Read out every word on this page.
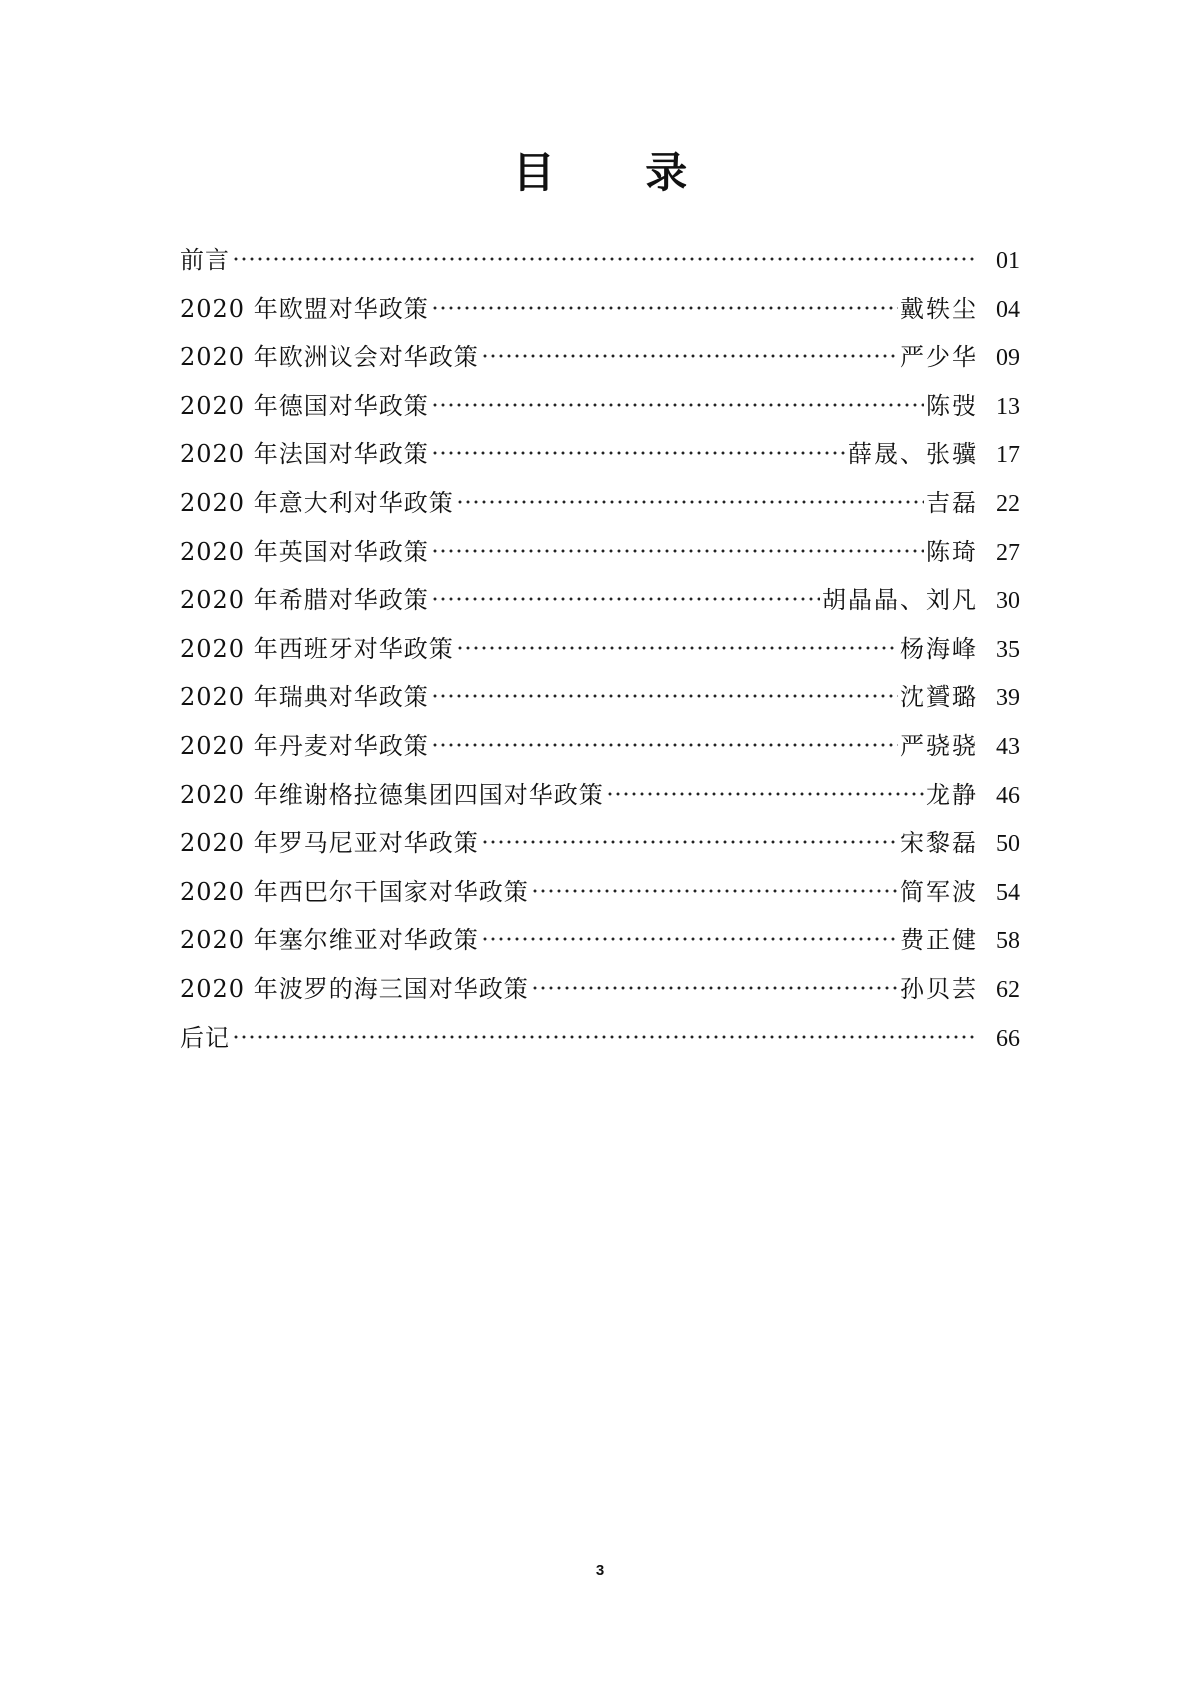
目 录
前言	01
2020 年欧盟对华政策	戴轶尘 04
2020 年欧洲议会对华政策	严少华 09
2020 年德国对华政策	陈弢 13
2020 年法国对华政策	薛晟、张骥 17
2020 年意大利对华政策	吉磊 22
2020 年英国对华政策	陈琦 27
2020 年希腊对华政策	胡晶晶、刘凡 30
2020 年西班牙对华政策	杨海峰 35
2020 年瑞典对华政策	沈贇璐 39
2020 年丹麦对华政策	严骁骁 43
2020 年维谢格拉德集团四国对华政策	龙静 46
2020 年罗马尼亚对华政策	宋黎磊 50
2020 年西巴尔干国家对华政策	简军波 54
2020 年塞尔维亚对华政策	费正健 58
2020 年波罗的海三国对华政策	孙贝芸 62
后记	66
3
